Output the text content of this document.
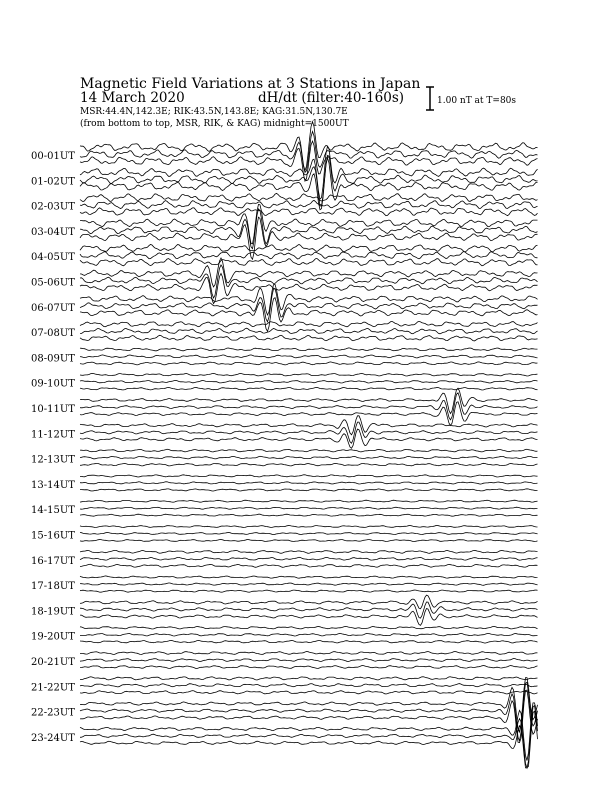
Magnetic Field Variations at 3 Stations in Japan
14 March 2020	dH/dt (filter:40-160s)
MSR:44.4N,142.3E; RIK:43.5N,143.8E; KAG:31.5N,130.7E
(from bottom to top, MSR, RIK, & KAG) midnight=1500UT
1.00 nT at T=80s
00-01UT
01-02UT
02-03UT
03-04UT
04-05UT
05-06UT
06-07UT
07-08UT
08-09UT
09-10UT
10-11UT
11-12UT
12-13UT
13-14UT
14-15UT
15-16UT
16-17UT
17-18UT
18-19UT
19-20UT
20-21UT
21-22UT
22-23UT
23-24UT
